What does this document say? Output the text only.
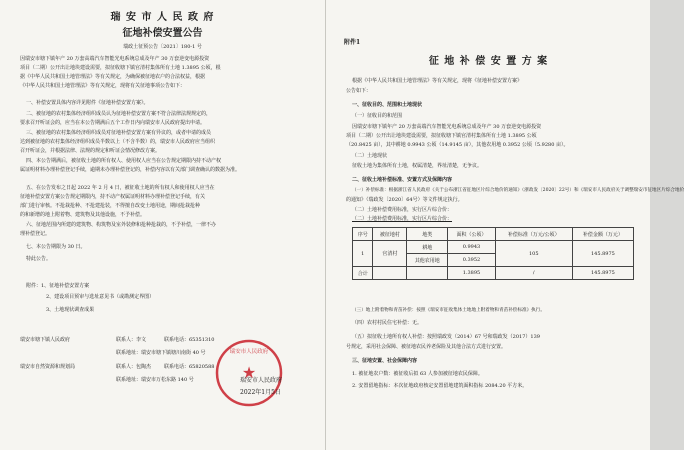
瑞 安 市 人 民 政 府
征地补偿安置公告
瑞政土征预公告〔2021〕180-1 号
因瑞安市塘下镇年产 20 万套高端汽车智能光电系统总成及年产 30 万套逆变电源投资
项目（二期）公开出让地块建设需要，拟征收塘下镇官清村集体所有土地 1.3895 公顷，根
据《中华人民共和国土地管理法》等有关规定，为确保被征地农户的合法权益，根据
《中华人民共和国土地管理法》等有关规定，现将有关征地事项公告如下：
一、补偿安置具体内容详见附件《征地补偿安置方案》。
二、被征地的农村集体经济组织成员认为征地补偿安置方案不符合法律法规规定的，
要求召开听证会的，应当在本公告期满后五个工作日内向瑞安市人民政府提出申请。
三、被征地的农村集体经济组织成员对征地补偿安置方案有异议的，或者申请的成员
达到被征地的农村集体经济组织成员半数以上（不含半数）的，瑞安市人民政府应当组织
召开听证会，并根据法律、法规的规定和听证会情况修改方案。
四、本公告期满后，被征收土地的所有权人、使用权人应当在公告规定期限内持不动产权
属证明材料办理补偿登记手续，逾期未办理补偿登记的，补偿内容以有关部门调查确认的数据为准。
五、在公告发布之日起 2022 年 2 月 4 日，被征收土地的所有权人和使用权人应当在
征地补偿安置方案公告规定期限内，持不动产权属证明材料办理补偿登记手续，有关
部门进行审核。不抢栽抢种、不抢建抢装，不得擅自改变土地用途，期间抢栽抢种
的和新增的地上附着物、建筑物及其他设施，不予补偿。
六、征地范围内所建的建筑物、构筑物及室外装修和抢种抢栽的，不予补偿，一律不办
理补偿登记。
七、本公告期限为 30 日。
特此公告。
附件：1、征地补偿安置方案
2、建设项目预审与选址意见书（或勘测定界图）
3、土地现状调查成果
瑞安市塘下镇人民政府	联系人：李文	联系电话：65351310
联系地址：瑞安市塘下镇塘川南街 40 号
瑞安市自然资源和规划局	联系人：包陶杰	联系电话：65820588
联系地址：瑞安市万松东路 140 号	★
瑞安市人民政府
瑞安市人民政府
2022年1月5日
附件1
征 地 补 偿 安 置 方 案
根据《中华人民共和国土地管理法》等有关规定，现将《征地补偿安置方案》
公告如下：
一、征收目的、范围和土地现状
（一）征收目的和范围
因瑞安市塘下镇年产 20 万套高端汽车智能光电系统总成及年产 30 万套逆变电源投资
项目（二期）公开出让地块建设需要，拟征收塘下镇官清村集体所有土地 1.3895 公顷
（20.8425 亩），其中耕地 0.9943 公顷（14.9145 亩），其他农用地 0.3952 公顷（5.9280 亩）。
（二）土地现状
征收土地为集体所有土地，权属清楚，界址清楚，无争议。
二、征收土地补偿标准、安置方式及保障内容
（一）补偿标准：根据浙江省人民政府《关于公布浙江省征地区片综合地价的通知》（浙政发〔2020〕22号）和《瑞安市人民政府关于调整瑞安市征地区片综合地价
的通知》（瑞政发〔2020〕64号）等文件规定执行。
（二）土地补偿费用标准，实行区片综合价：
（二）土地补偿费用标准，实行区片综合价：
序号	被征地村	地类	面积（公顷）	补偿标准（万元/公顷）	补偿金额（万元）
1	官清村	耕地	0.9943	105	145.8975
		其他农用地	0.3952		
合计			1.3895	/	145.8975
（三）地上附着物和青苗补偿：按照《瑞安市征收集体土地地上附着物和青苗补偿标准》执行。
（四）农村村民住宅补偿：无。
（五）拟征收土地所有权人补偿：按照瑞政发（2014）67 号和瑞政发（2017）139
号规定，采用社会保障、被征地农民养老保险及其他合法方式进行安置。
三、征地安置、社会保障内容
1. 被征地农户数：被征收后拟 63 人参加被征地农民保障。
2. 安置留地指标：本次征地政府核定安置留地建筑面积指标 2084.20 平方米。
